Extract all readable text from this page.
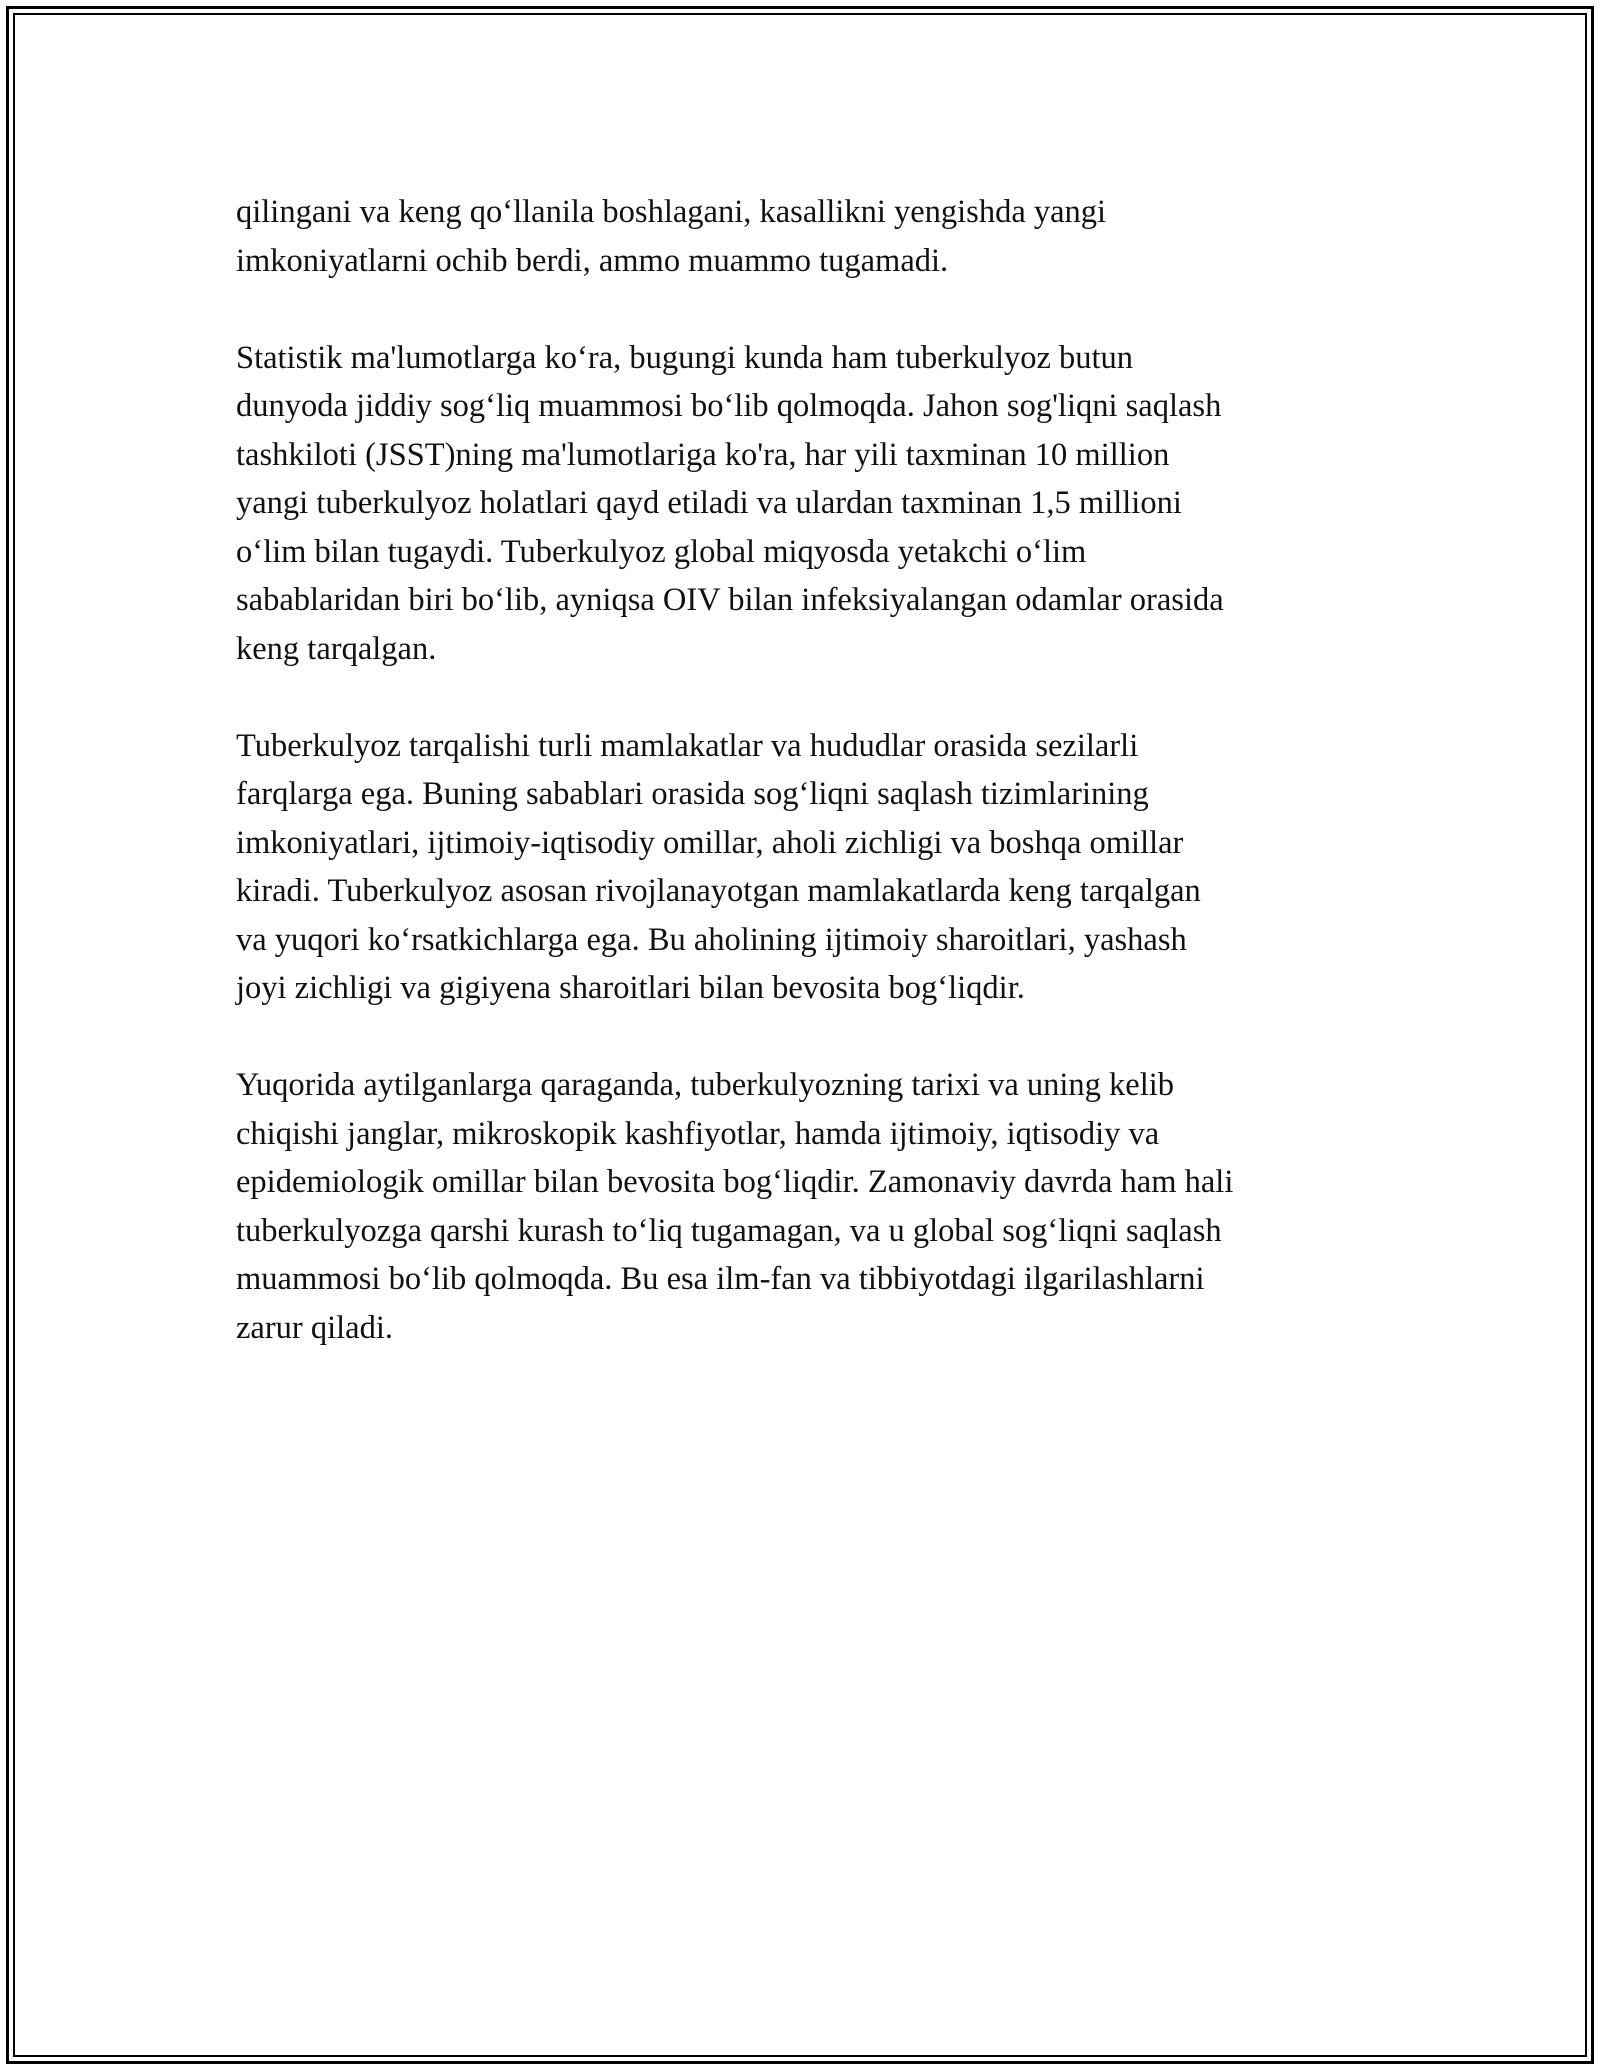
qilingani va keng qo‘llanila boshlagani, kasallikni yengishda yangi
imkoniyatlarni ochib berdi, ammo muammo tugamadi.

Statistik ma'lumotlarga ko‘ra, bugungi kunda ham tuberkulyoz butun
dunyoda jiddiy sog‘liq muammosi bo‘lib qolmoqda. Jahon sog'liqni saqlash
tashkiloti (JSST)ning ma'lumotlariga ko'ra, har yili taxminan 10 million
yangi tuberkulyoz holatlari qayd etiladi va ulardan taxminan 1,5 millioni
o‘lim bilan tugaydi. Tuberkulyoz global miqyosda yetakchi o‘lim
sabablaridan biri bo‘lib, ayniqsa OIV bilan infeksiyalangan odamlar orasida
keng tarqalgan.

Tuberkulyoz tarqalishi turli mamlakatlar va hududlar orasida sezilarli
farqlarga ega. Buning sabablari orasida sog‘liqni saqlash tizimlarining
imkoniyatlari, ijtimoiy-iqtisodiy omillar, aholi zichligi va boshqa omillar
kiradi. Tuberkulyoz asosan rivojlanayotgan mamlakatlarda keng tarqalgan
va yuqori ko‘rsatkichlarga ega. Bu aholining ijtimoiy sharoitlari, yashash
joyi zichligi va gigiyena sharoitlari bilan bevosita bog‘liqdir.

Yuqorida aytilganlarga qaraganda, tuberkulyozning tarixi va uning kelib
chiqishi janglar, mikroskopik kashfiyotlar, hamda ijtimoiy, iqtisodiy va
epidemiologik omillar bilan bevosita bog‘liqdir. Zamonaviy davrda ham hali
tuberkulyozga qarshi kurash to‘liq tugamagan, va u global sog‘liqni saqlash
muammosi bo‘lib qolmoqda. Bu esa ilm-fan va tibbiyotdagi ilgarilashlarni
zarur qiladi.
